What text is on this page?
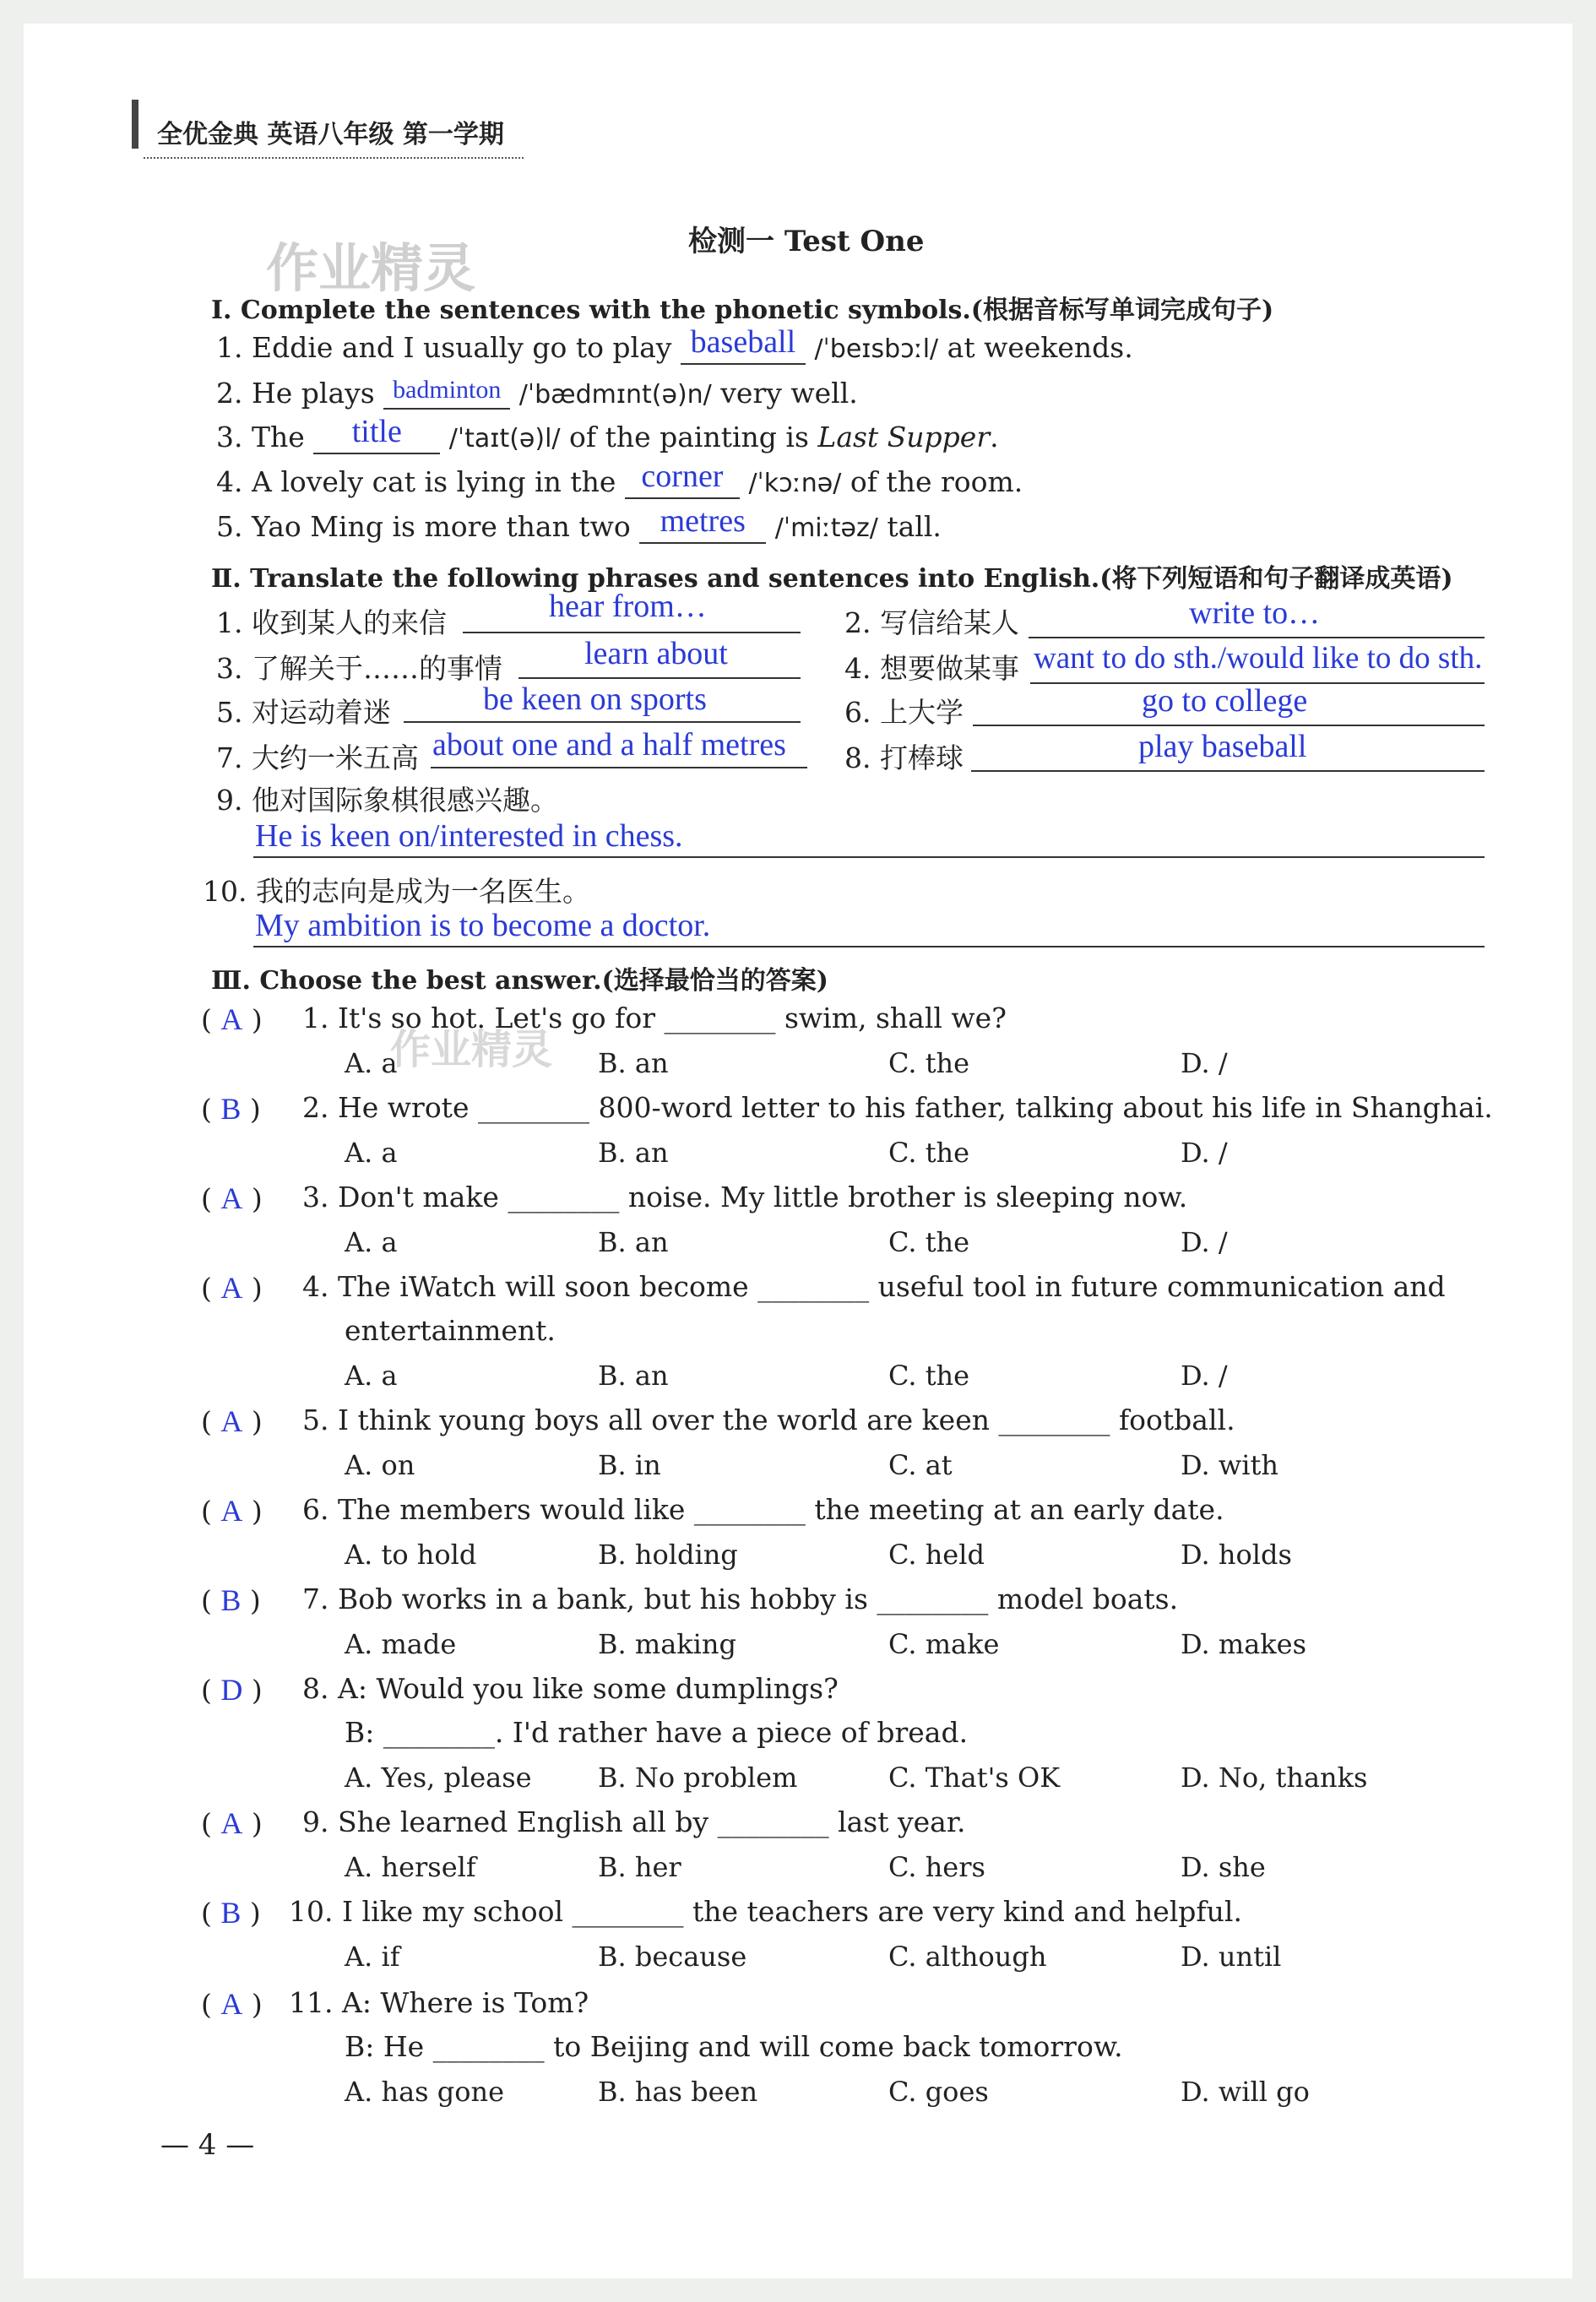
全优金典 英语八年级 第一学期
作业精灵
作业精灵
检测一 Test One
Ⅰ. Complete the sentences with the phonetic symbols.(根据音标写单词完成句子)
1. Eddie and I usually go to play baseball /ˈbeɪsbɔːl/ at weekends.
2. He plays badminton /ˈbædmɪnt(ə)n/ very well.
3. The title /ˈtaɪt(ə)l/ of the painting is Last Supper.
4. A lovely cat is lying in the corner /ˈkɔːnə/ of the room.
5. Yao Ming is more than two metres /ˈmiːtəz/ tall.
Ⅱ. Translate the following phrases and sentences into English.(将下列短语和句子翻译成英语)
1. 收到某人的来信	hear from…	2. 写信给某人	write to…
3. 了解关于……的事情	learn about	4. 想要做某事 want to do sth./would like to do sth.
5. 对运动着迷	be keen on sports	6. 上大学	go to college
7. 大约一米五高 about one and a half metres 8. 打棒球	play baseball
9. 他对国际象棋很感兴趣。
He is keen on/interested in chess.
10. 我的志向是成为一名医生。
My ambition is to become a doctor.
Ⅲ. Choose the best answer.(选择最恰当的答案)
( A ) 1. It's so hot. Let's go for ________ swim, shall we?
A. a	B. an	C. the	D. /
( B ) 2. He wrote ________ 800-word letter to his father, talking about his life in Shanghai.
A. a	B. an	C. the	D. /
( A ) 3. Don't make ________ noise. My little brother is sleeping now.
A. a	B. an	C. the	D. /
( A ) 4. The iWatch will soon become ________ useful tool in future communication and
entertainment.
A. a	B. an	C. the	D. /
( A ) 5. I think young boys all over the world are keen ________ football.
A. on	B. in	C. at	D. with
( A ) 6. The members would like ________ the meeting at an early date.
A. to hold	B. holding	C. held	D. holds
( B ) 7. Bob works in a bank, but his hobby is ________ model boats.
A. made	B. making	C. make	D. makes
( D ) 8. A: Would you like some dumplings?
B: ________. I'd rather have a piece of bread.
A. Yes, please B. No problem	C. That's OK	D. No, thanks
( A ) 9. She learned English all by ________ last year.
A. herself	B. her	C. hers	D. she
( B ) 10. I like my school ________ the teachers are very kind and helpful.
A. if	B. because	C. although	D. until
( A ) 11. A: Where is Tom?
B: He ________ to Beijing and will come back tomorrow.
A. has gone	B. has been	C. goes	D. will go
— 4 —
